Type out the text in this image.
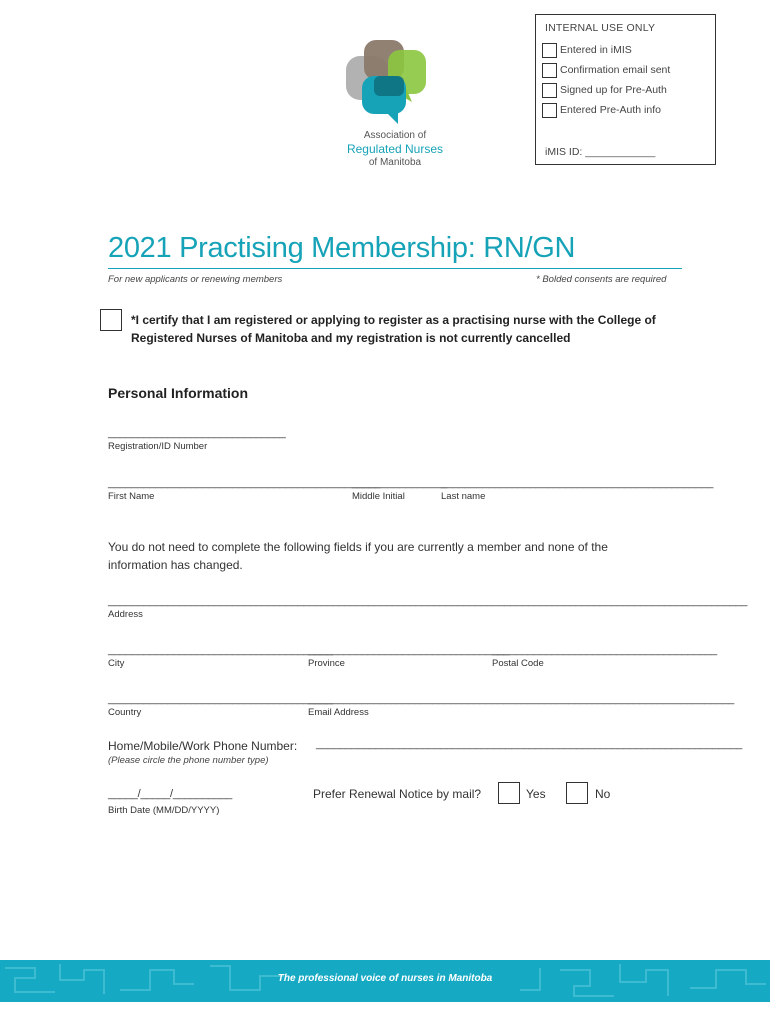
Association of
Regulated Nurses
of Manitoba
INTERNAL USE ONLY
Entered in iMIS
Confirmation email sent
Signed up for Pre-Auth
Entered Pre-Auth info
iMIS ID: ____________
2021 Practising Membership: RN/GN
For new applicants or renewing members	* Bolded consents are required
*I certify that I am registered or applying to register as a practising nurse with the College of
Registered Nurses of Manitoba and my registration is not currently cancelled
Personal Information
______________________________
Registration/ID Number
______________________________________________
First Name
________________
Middle Initial
______________________________________________
Last name
You do not need to complete the following fields if you are currently a member and none of the
information has changed.
____________________________________________________________________________________________________________
Address
______________________________________
City
__________________________________
Province
______________________________________
Postal Code
______________________________________
Country
________________________________________________________________________
Email Address
Home/Mobile/Work Phone Number: ________________________________________________________________________
(Please circle the phone number type)
_____/_____/__________
Birth Date (MM/DD/YYYY)
Prefer Renewal Notice by mail?	Yes	No
The professional voice of nurses in Manitoba
